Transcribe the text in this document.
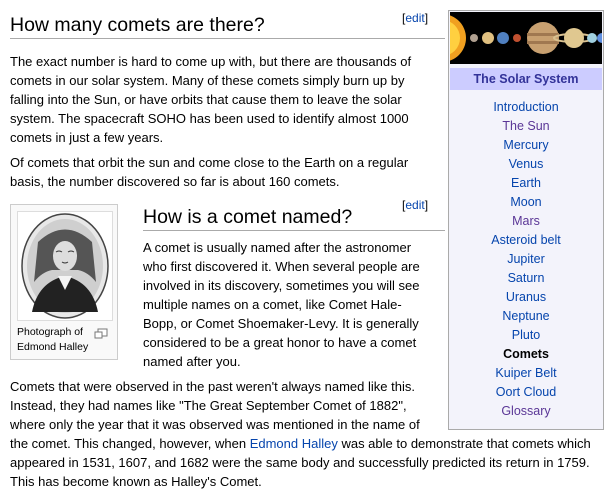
How many comets are there?	[edit]

The exact number is hard to come up with, but there are thousands of
comets in our solar system. Many of these comets simply burn up by
falling into the Sun, or have orbits that cause them to leave the solar
system. The spacecraft SOHO has been used to identify almost 1000
comets in just a few years.

Of comets that orbit the sun and come close to the Earth on a regular
basis, the number discovered so far is about 160 comets.

Photograph of
Edmond Halley
How is a comet named?
[edit]

A comet is usually named after the astronomer
who first discovered it. When several people are
involved in its discovery, sometimes you will see
multiple names on a comet, like Comet Hale-
Bopp, or Comet Shoemaker-Levy. It is generally
considered to be a great honor to have a comet
named after you.

Comets that were observed in the past weren't always named like this.
Instead, they had names like "The Great September Comet of 1882",
where only the year that it was observed was mentioned in the name of
the comet. This changed, however, when Edmond Halley was able to demonstrate that comets which
appeared in 1531, 1607, and 1682 were the same body and successfully predicted its return in 1759.
This has become known as Halley's Comet.

The Solar System
Introduction
The Sun
Mercury
Venus
Earth
Moon
Mars
Asteroid belt
Jupiter
Saturn
Uranus
Neptune
Pluto
Comets
Kuiper Belt
Oort Cloud
Glossary
